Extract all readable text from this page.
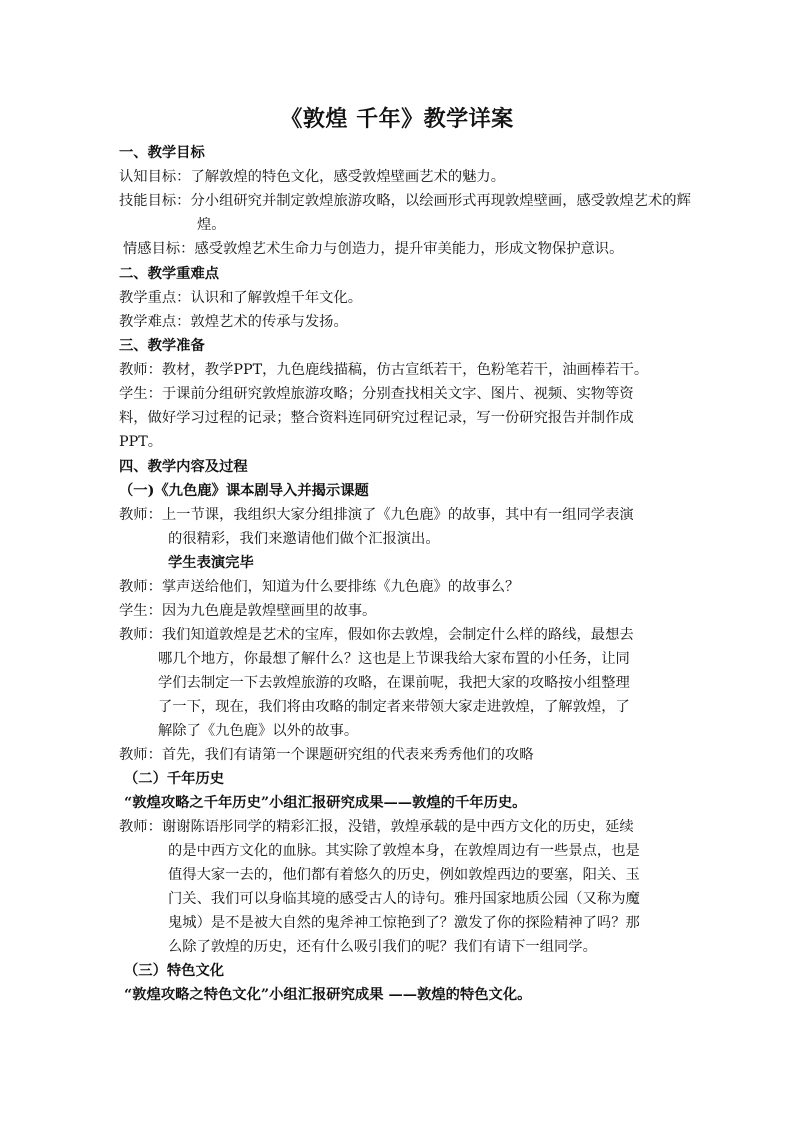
《敦煌 千年》教学详案
一、教学目标
认知目标：了解敦煌的特色文化，感受敦煌壁画艺术的魅力。
技能目标：分小组研究并制定敦煌旅游攻略，以绘画形式再现敦煌壁画，感受敦煌艺术的辉
煌。
情感目标：感受敦煌艺术生命力与创造力，提升审美能力，形成文物保护意识。
二、教学重难点
教学重点：认识和了解敦煌千年文化。
教学难点：敦煌艺术的传承与发扬。
三、教学准备
教师：教材，教学PPT，九色鹿线描稿，仿古宣纸若干，色粉笔若干，油画棒若干。
学生：于课前分组研究敦煌旅游攻略；分别查找相关文字、图片、视频、实物等资
料，做好学习过程的记录；整合资料连同研究过程记录，写一份研究报告并制作成
PPT。
四、教学内容及过程
（一)《九色鹿》课本剧导入并揭示课题
教师：上一节课，我组织大家分组排演了《九色鹿》的故事，其中有一组同学表演
的很精彩，我们来邀请他们做个汇报演出。
学生表演完毕
教师：掌声送给他们，知道为什么要排练《九色鹿》的故事么？
学生：因为九色鹿是敦煌壁画里的故事。
教师：我们知道敦煌是艺术的宝库，假如你去敦煌，会制定什么样的路线，最想去
哪几个地方，你最想了解什么？这也是上节课我给大家布置的小任务，让同
学们去制定一下去敦煌旅游的攻略，在课前呢，我把大家的攻略按小组整理
了一下，现在，我们将由攻略的制定者来带领大家走进敦煌，了解敦煌，了
解除了《九色鹿》以外的故事。
教师：首先，我们有请第一个课题研究组的代表来秀秀他们的攻略
（二）千年历史
“敦煌攻略之千年历史”小组汇报研究成果——敦煌的千年历史。
教师：谢谢陈语彤同学的精彩汇报，没错，敦煌承载的是中西方文化的历史，延续
的是中西方文化的血脉。其实除了敦煌本身，在敦煌周边有一些景点，也是
值得大家一去的，他们都有着悠久的历史，例如敦煌西边的要塞，阳关、玉
门关、我们可以身临其境的感受古人的诗句。雅丹国家地质公园（又称为魔
鬼城）是不是被大自然的鬼斧神工惊艳到了？激发了你的探险精神了吗？那
么除了敦煌的历史，还有什么吸引我们的呢？我们有请下一组同学。
（三）特色文化
“敦煌攻略之特色文化”小组汇报研究成果 ——敦煌的特色文化。
